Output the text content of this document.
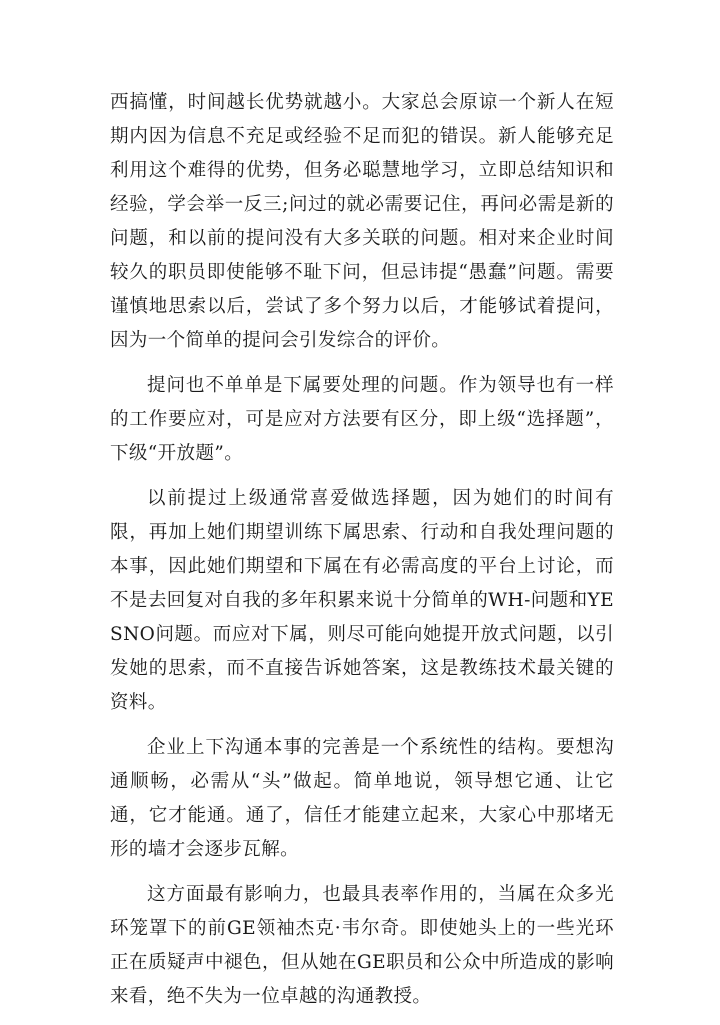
西搞懂，时间越长优势就越小。大家总会原谅一个新人在短期内因为信息不充足或经验不足而犯的错误。新人能够充足利用这个难得的优势，但务必聪慧地学习，立即总结知识和经验，学会举一反三;问过的就必需要记住，再问必需是新的问题，和以前的提问没有大多关联的问题。相对来企业时间较久的职员即使能够不耻下问，但忌讳提“愚蠢”问题。需要谨慎地思索以后，尝试了多个努力以后，才能够试着提问，因为一个简单的提问会引发综合的评价。

提问也不单单是下属要处理的问题。作为领导也有一样的工作要应对，可是应对方法要有区分，即上级“选择题”，下级“开放题”。

以前提过上级通常喜爱做选择题，因为她们的时间有限，再加上她们期望训练下属思索、行动和自我处理问题的本事，因此她们期望和下属在有必需高度的平台上讨论，而不是去回复对自我的多年积累来说十分简单的WH-问题和YESNO问题。而应对下属，则尽可能向她提开放式问题，以引发她的思索，而不直接告诉她答案，这是教练技术最关键的资料。

企业上下沟通本事的完善是一个系统性的结构。要想沟通顺畅，必需从“头”做起。简单地说，领导想它通、让它通，它才能通。通了，信任才能建立起来，大家心中那堵无形的墙才会逐步瓦解。

这方面最有影响力，也最具表率作用的，当属在众多光环笼罩下的前GE领袖杰克·韦尔奇。即使她头上的一些光环正在质疑声中褪色，但从她在GE职员和公众中所造成的影响来看，绝不失为一位卓越的沟通教授。
